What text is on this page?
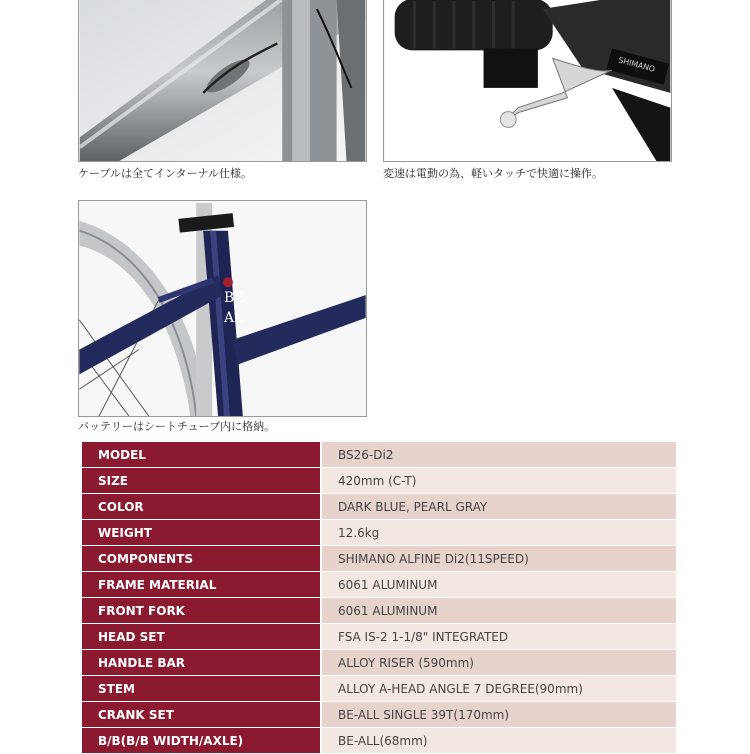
ケーブルは全てインターナル仕様。
SHIMANO
変速は電動の為、軽いタッチで快適に操作。
BE
AL
バッテリーはシートチューブ内に格納。
MODEL		BS26-Di2
SIZE		420mm (C-T)
COLOR		DARK BLUE, PEARL GRAY
WEIGHT		12.6kg
COMPONENTS		SHIMANO ALFINE Di2(11SPEED)
FRAME MATERIAL		6061 ALUMINUM
FRONT FORK		6061 ALUMINUM
HEAD SET		FSA IS-2 1-1/8" INTEGRATED
HANDLE BAR		ALLOY RISER (590mm)
STEM		ALLOY A-HEAD ANGLE 7 DEGREE(90mm)
CRANK SET		BE-ALL SINGLE 39T(170mm)
B/B(B/B WIDTH/AXLE)		BE-ALL(68mm)
